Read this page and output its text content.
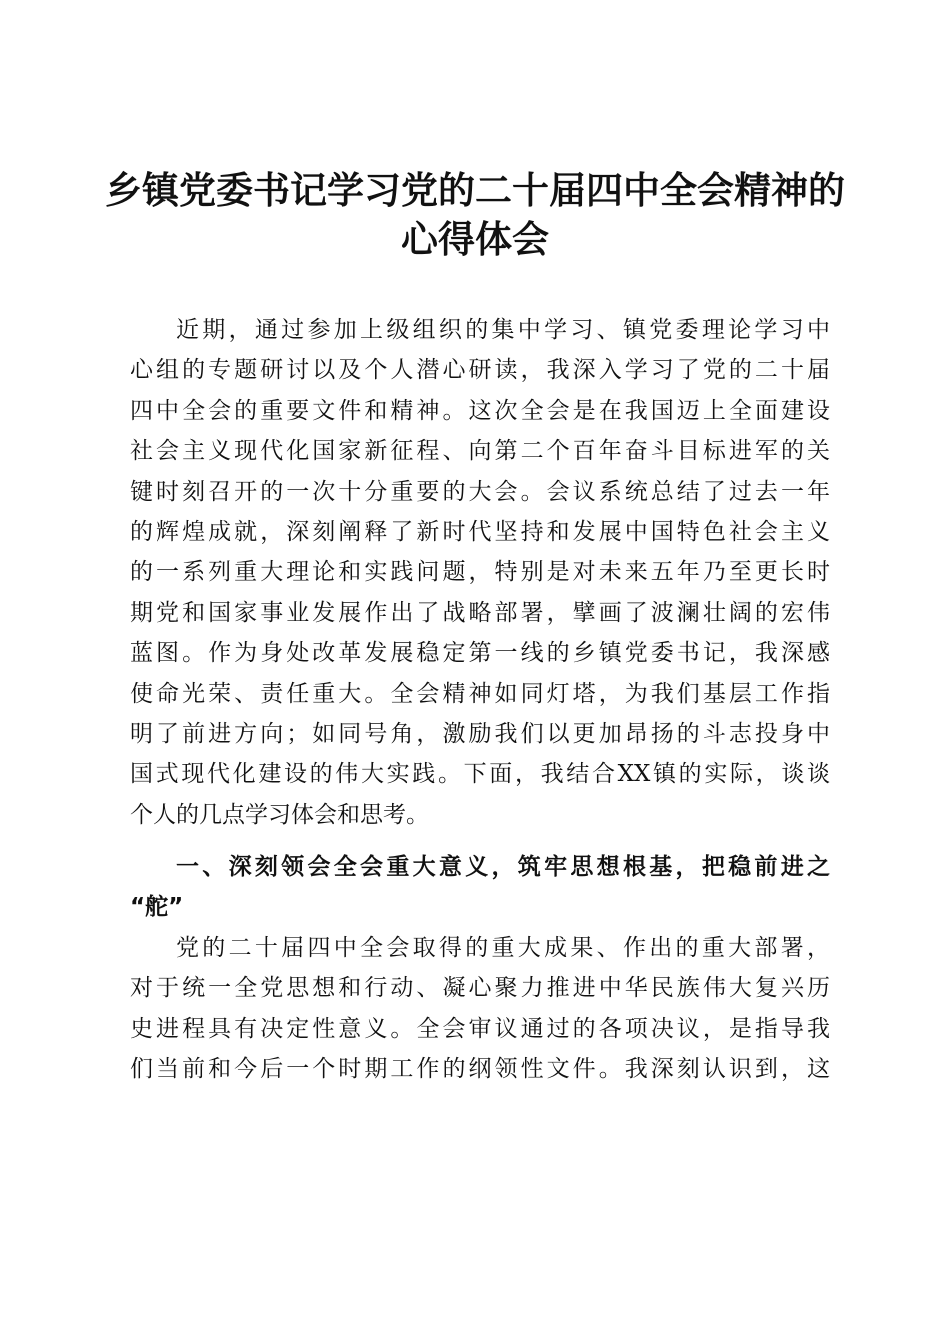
乡镇党委书记学习党的二十届四中全会精神的
心得体会
近期，通过参加上级组织的集中学习、镇党委理论学习中
心组的专题研讨以及个人潜心研读，我深入学习了党的二十届
四中全会的重要文件和精神。这次全会是在我国迈上全面建设
社会主义现代化国家新征程、向第二个百年奋斗目标进军的关
键时刻召开的一次十分重要的大会。会议系统总结了过去一年
的辉煌成就，深刻阐释了新时代坚持和发展中国特色社会主义
的一系列重大理论和实践问题，特别是对未来五年乃至更长时
期党和国家事业发展作出了战略部署，擘画了波澜壮阔的宏伟
蓝图。作为身处改革发展稳定第一线的乡镇党委书记，我深感
使命光荣、责任重大。全会精神如同灯塔，为我们基层工作指
明了前进方向；如同号角，激励我们以更加昂扬的斗志投身中
国式现代化建设的伟大实践。下面，我结合XX镇的实际，谈谈
个人的几点学习体会和思考。
一、深刻领会全会重大意义，筑牢思想根基，把稳前进之
“舵”
党的二十届四中全会取得的重大成果、作出的重大部署，
对于统一全党思想和行动、凝心聚力推进中华民族伟大复兴历
史进程具有决定性意义。全会审议通过的各项决议，是指导我
们当前和今后一个时期工作的纲领性文件。我深刻认识到，这
